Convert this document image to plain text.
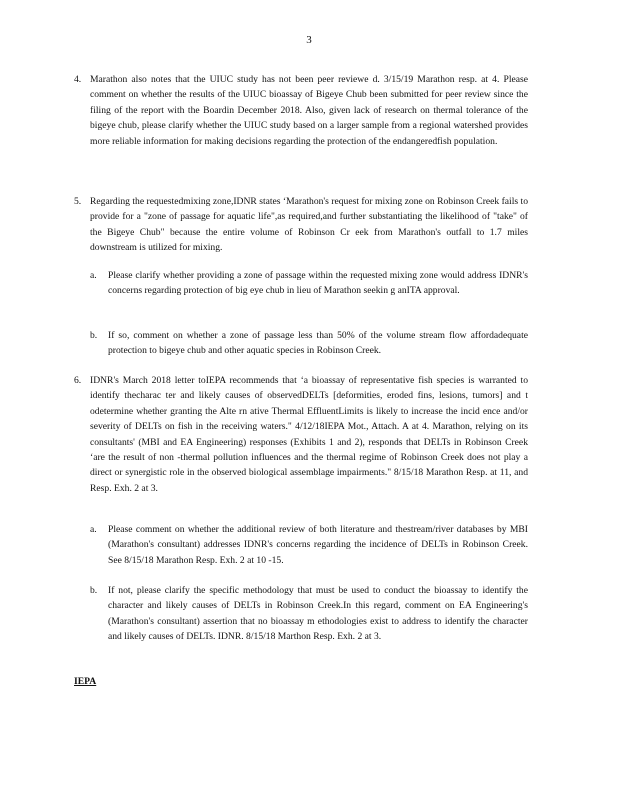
3
4. Marathon also notes that the UIUC study has not been peer reviewe d. 3/15/19 Marathon resp. at 4. Please comment on whether the results of the UIUC bioassay of Bigeye Chub been submitted for peer review since the filing of the report with the Boardin December 2018. Also, given lack of research on thermal tolerance of the bigeye chub, please clarify whether the UIUC study based on a larger sample from a regional watershed provides more reliable information for making decisions regarding the protection of the endangeredfish population.
5. Regarding the requestedmixing zone,IDNR states ‘Marathon's request for mixing zone on Robinson Creek fails to provide for a "zone of passage for aquatic life",as required,and further substantiating the likelihood of "take" of the Bigeye Chub" because the entire volume of Robinson Cr eek from Marathon's outfall to 1.7 miles downstream is utilized for mixing.
a.	Please clarify whether providing a zone of passage within the requested mixing zone would address IDNR's concerns regarding protection of big eye chub in lieu of Marathon seekin g anITA approval.
b.	If so, comment on whether a zone of passage less than 50% of the volume stream flow affordadequate protection to bigeye chub and other aquatic species in Robinson Creek.
6. IDNR's March 2018 letter toIEPA recommends that ‘a bioassay of representative fish species is warranted to identify thecharac ter and likely causes of observedDELTs [deformities, eroded fins, lesions, tumors] and t odetermine whether granting the Alte rn ative Thermal EffluentLimits is likely to increase the incid ence and/or severity of DELTs on fish in the receiving waters." 4/12/18IEPA Mot., Attach. A at 4. Marathon, relying on its consultants' (MBI and EA Engineering) responses (Exhibits 1 and 2), responds that DELTs in Robinson Creek ‘are the result of non -thermal pollution influences and the thermal regime of Robinson Creek does not play a direct or synergistic role in the observed biological assemblage impairments." 8/15/18 Marathon Resp. at 11, and Resp. Exh. 2 at 3.
a.	Please comment on whether the additional review of both literature and thestream/river databases by MBI (Marathon's consultant) addresses IDNR's concerns regarding the incidence of DELTs in Robinson Creek. See 8/15/18 Marathon Resp. Exh. 2 at 10 -15.
b.	If not, please clarify the specific methodology that must be used to conduct the bioassay to identify the character and likely causes of DELTs in Robinson Creek.In this regard, comment on EA Engineering's (Marathon's consultant) assertion that no bioassay m ethodologies exist to address to identify the character and likely causes of DELTs. IDNR. 8/15/18 Marthon Resp. Exh. 2 at 3.
IEPA
